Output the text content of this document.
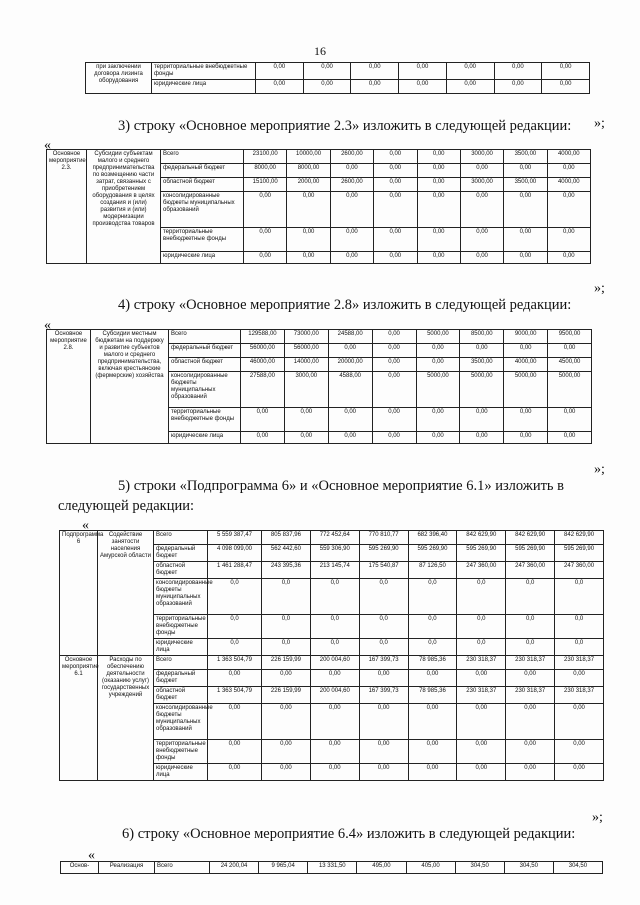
16
при заключении договора лизинга оборудования	территориальные внебюджетные фонды	0,00	0,00	0,00	0,00	0,00	0,00	0,00
	юридические лица	0,00	0,00	0,00	0,00	0,00	0,00	0,00
»;
3) строку «Основное мероприятие 2.3» изложить в следующей редакции:
«
Основное мероприятие 2.3.	Субсидии субъектам малого и среднего предпринимательства по возмещению части затрат, связанных с приобретением оборудования в целях создания и (или) развития и (или) модернизации производства товаров	Всего	23100,00	10000,00	2600,00	0,00	0,00	3000,00	3500,00	4000,00
		федеральный бюджет	8000,00	8000,00	0,00	0,00	0,00	0,00	0,00	0,00
		областной бюджет	15100,00	2000,00	2600,00	0,00	0,00	3000,00	3500,00	4000,00
		консолидированные бюджеты муниципальных образований	0,00	0,00	0,00	0,00	0,00	0,00	0,00	0,00
		территориальные внебюджетные фонды	0,00	0,00	0,00	0,00	0,00	0,00	0,00	0,00
		юридические лица	0,00	0,00	0,00	0,00	0,00	0,00	0,00	0,00
»;
4) строку «Основное мероприятие 2.8» изложить в следующей редакции:
«
Основное мероприятие 2.8.	Субсидии местным бюджетам на поддержку и развитие субъектов малого и среднего предпринимательства, включая крестьянские (фермерские) хозяйства	Всего	129588,00	73000,00	24588,00	0,00	5000,00	8500,00	9000,00	9500,00
		федеральный бюджет	56000,00	56000,00	0,00	0,00	0,00	0,00	0,00	0,00
		областной бюджет	46000,00	14000,00	20000,00	0,00	0,00	3500,00	4000,00	4500,00
		консолидированные бюджеты муниципальных образований	27588,00	3000,00	4588,00	0,00	5000,00	5000,00	5000,00	5000,00
		территориальные внебюджетные фонды	0,00	0,00	0,00	0,00	0,00	0,00	0,00	0,00
		юридические лица	0,00	0,00	0,00	0,00	0,00	0,00	0,00	0,00
»;
5) строки «Подпрограмма 6» и «Основное мероприятие 6.1» изложить в
следующей редакции:
«
Подпрограмма 6	Содействие занятости населения Амурской области	Всего	5 559 387,47	805 837,96	772 452,64	770 810,77	682 396,40	842 629,90	842 629,90	842 629,90
		федеральный бюджет	4 098 099,00	562 442,60	559 306,90	595 269,90	595 269,90	595 269,90	595 269,90	595 269,90
		областной бюджет	1 461 288,47	243 395,36	213 145,74	175 540,87	87 126,50	247 360,00	247 360,00	247 360,00
		консолидированные бюджеты муниципальных образований	0,0	0,0	0,0	0,0	0,0	0,0	0,0	0,0
		территориальные внебюджетные фонды	0,0	0,0	0,0	0,0	0,0	0,0	0,0	0,0
		юридические лица	0,0	0,0	0,0	0,0	0,0	0,0	0,0	0,0
Основное мероприятие 6.1	Расходы по обеспечению деятельности (оказанию услуг) государственных учреждений	Всего	1 363 504,79	226 159,99	200 004,60	167 399,73	78 985,36	230 318,37	230 318,37	230 318,37
		федеральный бюджет	0,00	0,00	0,00	0,00	0,00	0,00	0,00	0,00
		областной бюджет	1 363 504,79	226 159,99	200 004,60	167 399,73	78 985,36	230 318,37	230 318,37	230 318,37
		консолидированные бюджеты муниципальных образований	0,00	0,00	0,00	0,00	0,00	0,00	0,00	0,00
		территориальные внебюджетные фонды	0,00	0,00	0,00	0,00	0,00	0,00	0,00	0,00
		юридические лица	0,00	0,00	0,00	0,00	0,00	0,00	0,00	0,00
»;
6) строку «Основное мероприятие 6.4» изложить в следующей редакции:
«
Основ-	Реализация	Всего	24 200,04	9 965,04	13 331,50	495,00	405,00	304,50	304,50	304,50
